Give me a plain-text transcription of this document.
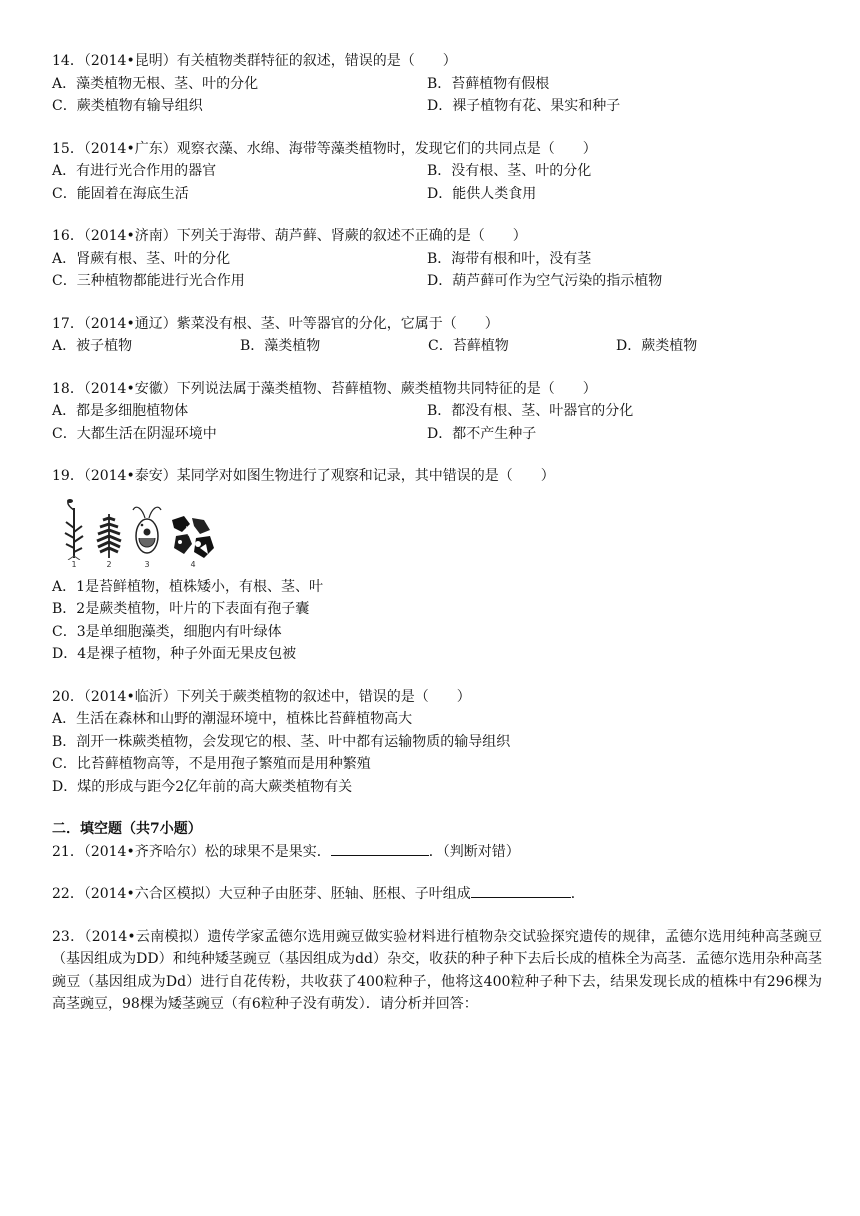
14．（2014•昆明）有关植物类群特征的叙述，错误的是（　　）
A．藻类植物无根、茎、叶的分化	B．苔藓植物有假根
C．蕨类植物有输导组织	D．裸子植物有花、果实和种子
15．（2014•广东）观察衣藻、水绵、海带等藻类植物时，发现它们的共同点是（　　）
A．有进行光合作用的器官	B．没有根、茎、叶的分化
C．能固着在海底生活	D．能供人类食用
16．（2014•济南）下列关于海带、葫芦藓、肾蕨的叙述不正确的是（　　）
A．肾蕨有根、茎、叶的分化	B．海带有根和叶，没有茎
C．三种植物都能进行光合作用	D．葫芦藓可作为空气污染的指示植物
17．（2014•通辽）紫菜没有根、茎、叶等器官的分化，它属于（　　）
A．被子植物	B．藻类植物	C．苔藓植物	D．蕨类植物
18．（2014•安徽）下列说法属于藻类植物、苔藓植物、蕨类植物共同特征的是（　　）
A．都是多细胞植物体	B．都没有根、茎、叶器官的分化
C．大都生活在阴湿环境中	D．都不产生种子
19．（2014•泰安）某同学对如图生物进行了观察和记录，其中错误的是（　　）
1	2	3	4
A．1是苔鲜植物，植株矮小，有根、茎、叶
B．2是蕨类植物，叶片的下表面有孢子囊
C．3是单细胞藻类，细胞内有叶绿体
D．4是裸子植物，种子外面无果皮包被
20．（2014•临沂）下列关于蕨类植物的叙述中，错误的是（　　）
A．生活在森林和山野的潮湿环境中，植株比苔藓植物高大
B．剖开一株蕨类植物，会发现它的根、茎、叶中都有运输物质的输导组织
C．比苔藓植物高等，不是用孢子繁殖而是用种繁殖
D．煤的形成与距今2亿年前的高大蕨类植物有关
二．填空题（共7小题）
21．（2014•齐齐哈尔）松的球果不是果实．	．（判断对错）
22．（2014•六合区模拟）大豆种子由胚芽、胚轴、胚根、子叶组成	．
23．（2014•云南模拟）遗传学家孟德尔选用豌豆做实验材料进行植物杂交试验探究遗传的规律，孟德尔选用纯种高茎豌豆（基因组成为DD）和纯种矮茎豌豆（基因组成为dd）杂交，收获的种子种下去后长成的植株全为高茎．孟德尔选用杂种高茎豌豆（基因组成为Dd）进行自花传粉，共收获了400粒种子，他将这400粒种子种下去，结果发现长成的植株中有296棵为高茎豌豆，98棵为矮茎豌豆（有6粒种子没有萌发）．请分析并回答：
